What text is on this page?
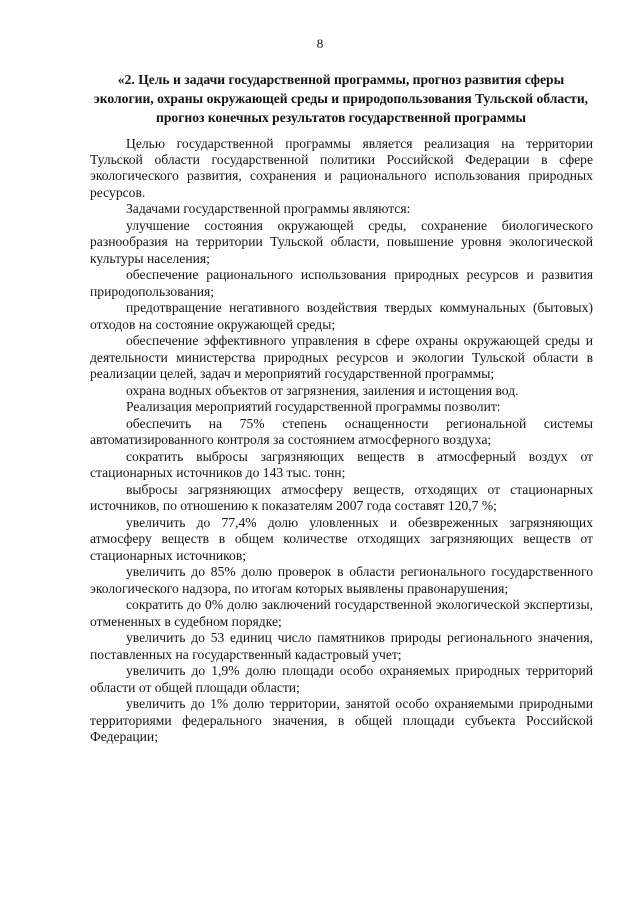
8
«2. Цель и задачи государственной программы, прогноз развития сферы экологии, охраны окружающей среды и природопользования Тульской области, прогноз конечных результатов государственной программы

Целью государственной программы является реализация на территории Тульской области государственной политики Российской Федерации в сфере экологического развития, сохранения и рационального использования природных ресурсов.

Задачами государственной программы являются:

улучшение состояния окружающей среды, сохранение биологического разнообразия на территории Тульской области, повышение уровня экологической культуры населения;

обеспечение рационального использования природных ресурсов и развития природопользования;

предотвращение негативного воздействия твердых коммунальных (бытовых) отходов на состояние окружающей среды;

обеспечение эффективного управления в сфере охраны окружающей среды и деятельности министерства природных ресурсов и экологии Тульской области в реализации целей, задач и мероприятий государственной программы;

охрана водных объектов от загрязнения, заиления и истощения вод.

Реализация мероприятий государственной программы позволит:

обеспечить на 75% степень оснащенности региональной системы автоматизированного контроля за состоянием атмосферного воздуха;

сократить выбросы загрязняющих веществ в атмосферный воздух от стационарных источников до 143 тыс. тонн;

выбросы загрязняющих атмосферу веществ, отходящих от стационарных источников, по отношению к показателям 2007 года составят 120,7 %;

увеличить до 77,4% долю уловленных и обезвреженных загрязняющих атмосферу веществ в общем количестве отходящих загрязняющих веществ от стационарных источников;

увеличить до 85% долю проверок в области регионального государственного экологического надзора, по итогам которых выявлены правонарушения;

сократить до 0% долю заключений государственной экологической экспертизы, отмененных в судебном порядке;

увеличить до 53 единиц число памятников природы регионального значения, поставленных на государственный кадастровый учет;

увеличить до 1,9% долю площади особо охраняемых природных территорий области от общей площади области;

увеличить до 1% долю территории, занятой особо охраняемыми природными территориями федерального значения, в общей площади субъекта Российской Федерации;
